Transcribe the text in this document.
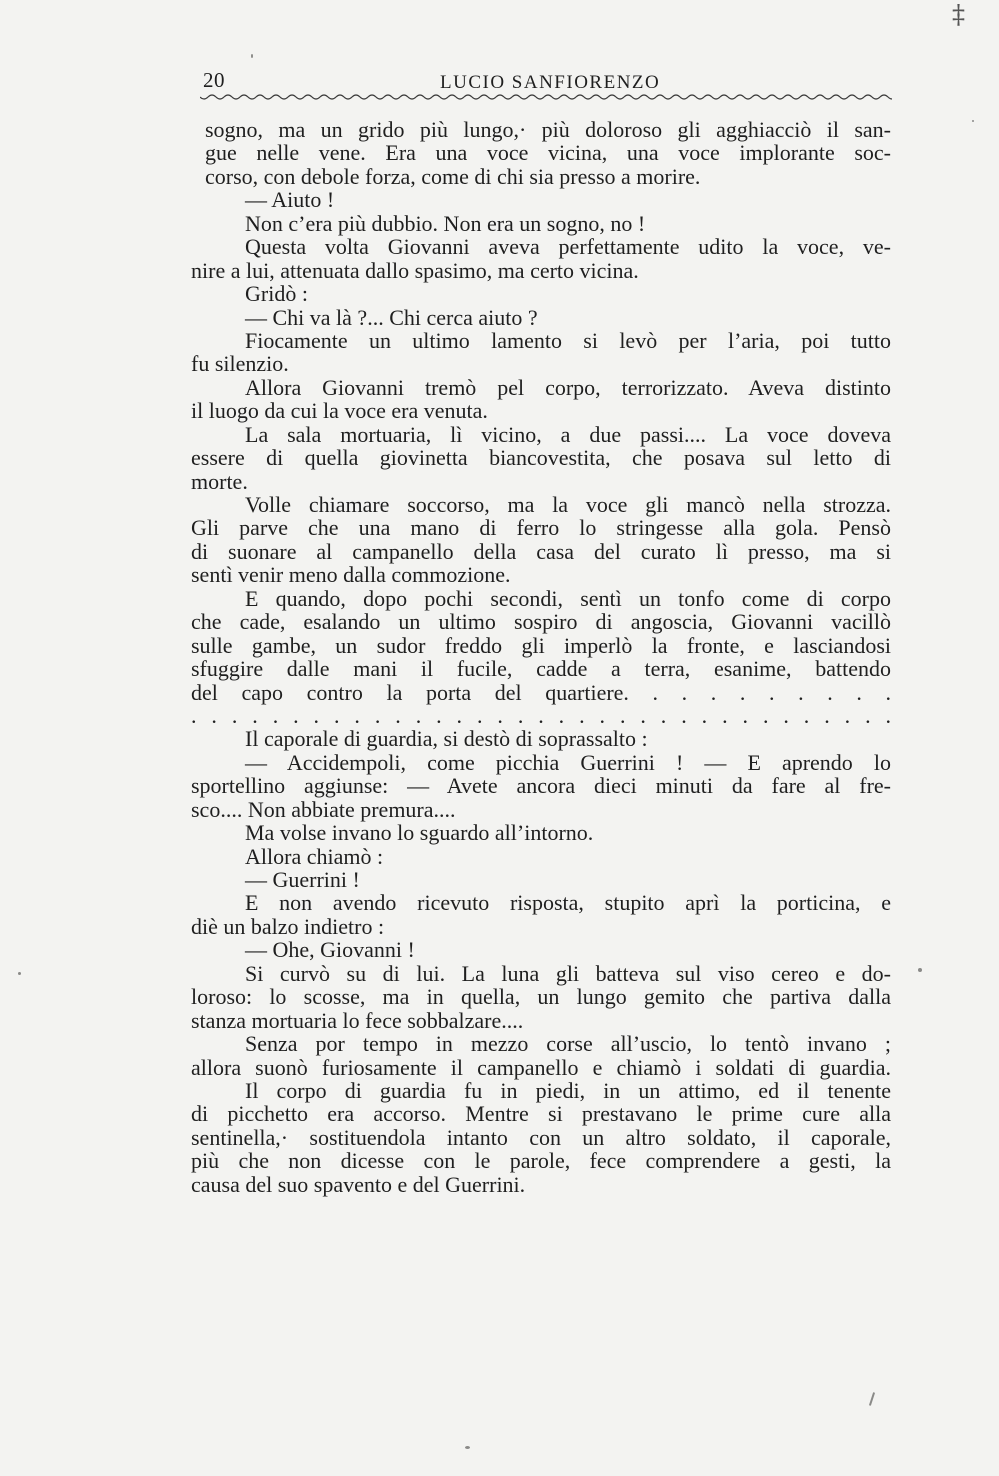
20	LUCIO SANFIORENZO
sogno, ma un grido più lungo,· più doloroso gli agghiacciò il san-
gue nelle vene. Era una voce vicina, una voce implorante soc-
corso, con debole forza, come di chi sia presso a morire.
— Aiuto !
Non c’era più dubbio. Non era un sogno, no !
Questa volta Giovanni aveva perfettamente udito la voce, ve-
nire a lui, attenuata dallo spasimo, ma certo vicina.
Gridò :
— Chi va là ?... Chi cerca aiuto ?
Fiocamente un ultimo lamento si levò per l’aria, poi tutto
fu silenzio.
Allora Giovanni tremò pel corpo, terrorizzato. Aveva distinto
il luogo da cui la voce era venuta.
La sala mortuaria, lì vicino, a due passi.... La voce doveva
essere di quella giovinetta biancovestita, che posava sul letto di
morte.
Volle chiamare soccorso, ma la voce gli mancò nella strozza.
Gli parve che una mano di ferro lo stringesse alla gola. Pensò
di suonare al campanello della casa del curato lì presso, ma si
sentì venir meno dalla commozione.
E quando, dopo pochi secondi, sentì un tonfo come di corpo
che cade, esalando un ultimo sospiro di angoscia, Giovanni vacillò
sulle gambe, un sudor freddo gli imperlò la fronte, e lasciandosi
sfuggire dalle mani il fucile, cadde a terra, esanime, battendo
del capo contro la porta del quartiere. . . . . . . . . .
. . . . . . . . . . . . . . . . . . . . . . . . . . . . . . . . . . .
Il caporale di guardia, si destò di soprassalto :
— Accidempoli, come picchia Guerrini ! — E aprendo lo
sportellino aggiunse: — Avete ancora dieci minuti da fare al fre-
sco.... Non abbiate premura....
Ma volse invano lo sguardo all’intorno.
Allora chiamò :
— Guerrini !
E non avendo ricevuto risposta, stupito aprì la porticina, e
diè un balzo indietro :
— Ohe, Giovanni !
Si curvò su di lui. La luna gli batteva sul viso cereo e do-
loroso: lo scosse, ma in quella, un lungo gemito che partiva dalla
stanza mortuaria lo fece sobbalzare....
Senza por tempo in mezzo corse all’uscio, lo tentò invano ;
allora suonò furiosamente il campanello e chiamò i soldati di guardia.
Il corpo di guardia fu in piedi, in un attimo, ed il tenente
di picchetto era accorso. Mentre si prestavano le prime cure alla
sentinella,· sostituendola intanto con un altro soldato, il caporale,
più che non dicesse con le parole, fece comprendere a gesti, la
causa del suo spavento e del Guerrini.
‡
